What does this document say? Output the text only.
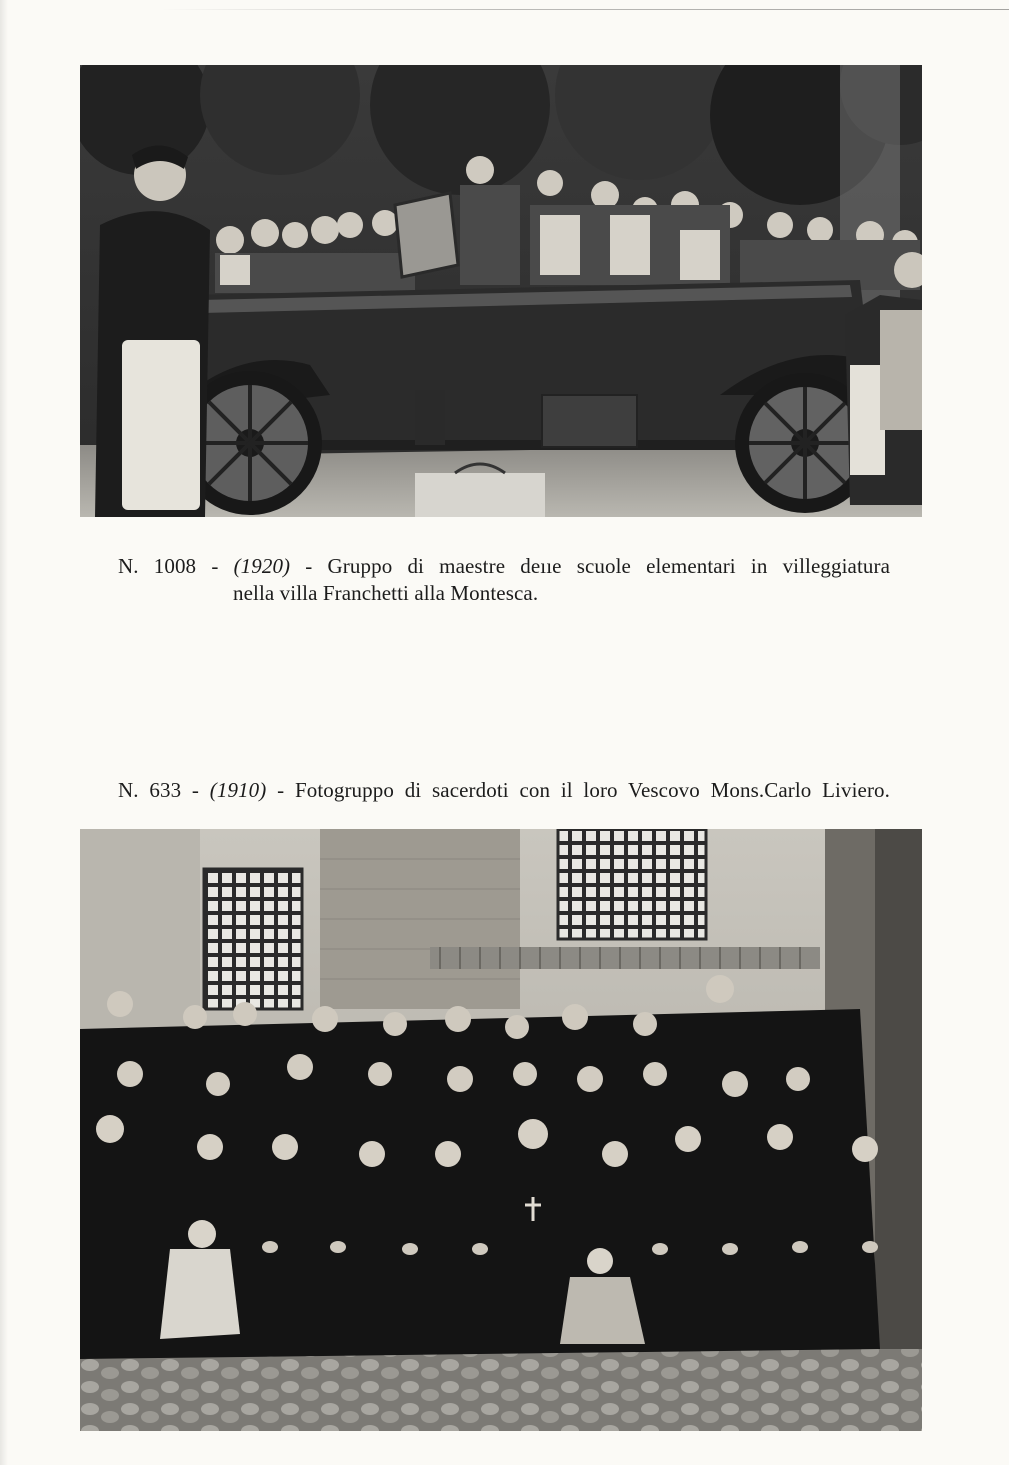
N. 1008 - (1920) - Gruppo di maestre deııe scuole elementari in villeggiatura
nella villa Franchetti alla Montesca.
N. 633 - (1910) - Fotogruppo di sacerdoti con il loro Vescovo Mons.Carlo Liviero.
